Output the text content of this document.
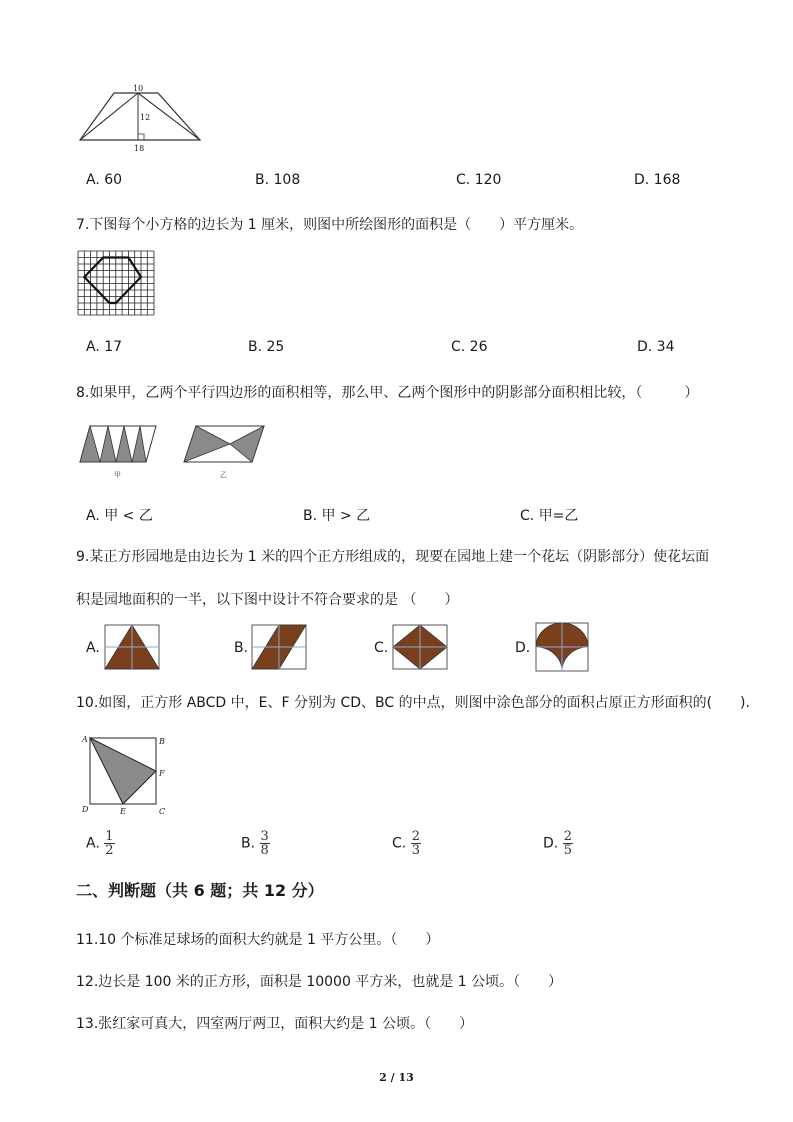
10
12
18
A. 60	B. 108	C. 120	D. 168
7.下图每个小方格的边长为 1 厘米，则图中所绘图形的面积是（　　）平方厘米。
A. 17	B. 25	C. 26	D. 34
8.如果甲，乙两个平行四边形的面积相等，那么甲、乙两个图形中的阴影部分面积相比较，（　　　）
甲	乙
A. 甲 < 乙	B. 甲 > 乙	C. 甲=乙
9.某正方形园地是由边长为 1 米的四个正方形组成的，现要在园地上建一个花坛（阴影部分）使花坛面
积是园地面积的一半，以下图中设计不符合要求的是 （　　）
A.	B.	C.	D.
10.如图，正方形 ABCD 中，E、F 分别为 CD、BC 的中点，则图中涂色部分的面积占原正方形面积的(　　).
A	B
C
D	E
F
A. $\frac{1}{2}$	B. $\frac{3}{8}$	C. $\frac{2}{3}$	D. $\frac{2}{5}$
二、判断题（共 6 题；共 12 分）
11.10 个标准足球场的面积大约就是 1 平方公里。（　　）
12.边长是 100 米的正方形，面积是 10000 平方米，也就是 1 公顷。（　　）
13.张红家可真大，四室两厅两卫，面积大约是 1 公顷。（　　）
2 / 13
